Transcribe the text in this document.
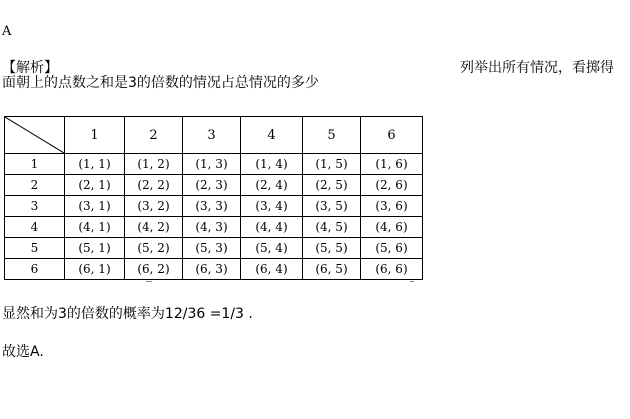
A
【解析】	列举出所有情况，看掷得
面朝上的点数之和是3的倍数的情况占总情况的多少
	1	2	3	4	5	6
1	(1, 1)	(1, 2)	(1, 3)	(1, 4)	(1, 5)	(1, 6)
2	(2, 1)	(2, 2)	(2, 3)	(2, 4)	(2, 5)	(2, 6)
3	(3, 1)	(3, 2)	(3, 3)	(3, 4)	(3, 5)	(3, 6)
4	(4, 1)	(4, 2)	(4, 3)	(4, 4)	(4, 5)	(4, 6)
5	(5, 1)	(5, 2)	(5, 3)	(5, 4)	(5, 5)	(5, 6)
6	(6, 1)	(6, 2)	(6, 3)	(6, 4)	(6, 5)	(6, 6)
显然和为3的倍数的概率为12/36 =1/3 .
故选A.
